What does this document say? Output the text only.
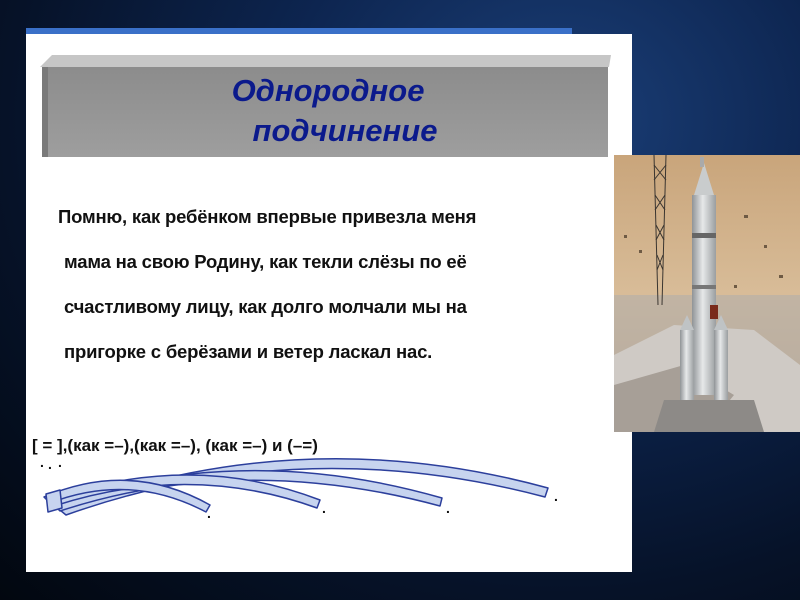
Однородное
подчинение
Помню, как ребёнком впервые привезла меня
мама на свою Родину, как текли слёзы по её
счастливому лицу, как долго молчали мы на
пригорке с берёзами и ветер ласкал нас.
[ = ],(как =–),(как =–), (как =–) и (–=)
. . .
.	.	.
.
